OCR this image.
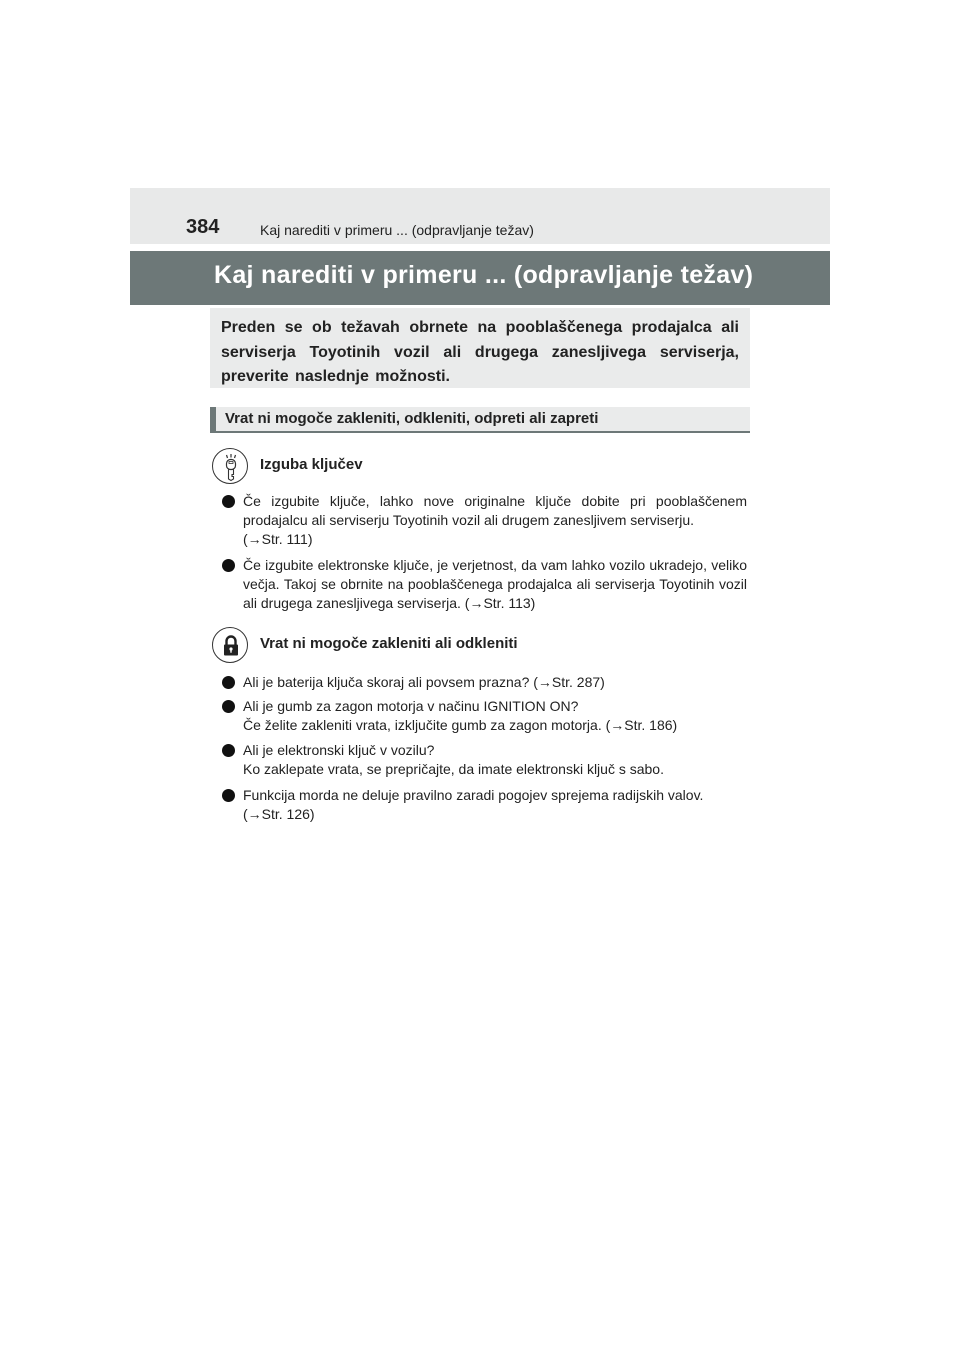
384	Kaj narediti v primeru ... (odpravljanje težav)
Kaj narediti v primeru ... (odpravljanje težav)

Preden se ob težavah obrnete na pooblaščenega prodajalca ali serviserja Toyotinih vozil ali drugega zanesljivega serviserja, preverite naslednje možnosti.

Vrat ni mogoče zakleniti, odkleniti, odpreti ali zapreti
Izguba ključev
Če izgubite ključe, lahko nove originalne ključe dobite pri pooblaščenem prodajalcu ali serviserju Toyotinih vozil ali drugem zanesljivem serviserju.
(→Str. 111)
Če izgubite elektronske ključe, je verjetnost, da vam lahko vozilo ukradejo, veliko večja. Takoj se obrnite na pooblaščenega prodajalca ali serviserja Toyotinih vozil ali drugega zanesljivega serviserja. (→Str. 113)
Vrat ni mogoče zakleniti ali odkleniti
Ali je baterija ključa skoraj ali povsem prazna? (→Str. 287)
Ali je gumb za zagon motorja v načinu IGNITION ON?
Če želite zakleniti vrata, izključite gumb za zagon motorja. (→Str. 186)
Ali je elektronski ključ v vozilu?
Ko zaklepate vrata, se prepričajte, da imate elektronski ključ s sabo.
Funkcija morda ne deluje pravilno zaradi pogojev sprejema radijskih valov.
(→Str. 126)
